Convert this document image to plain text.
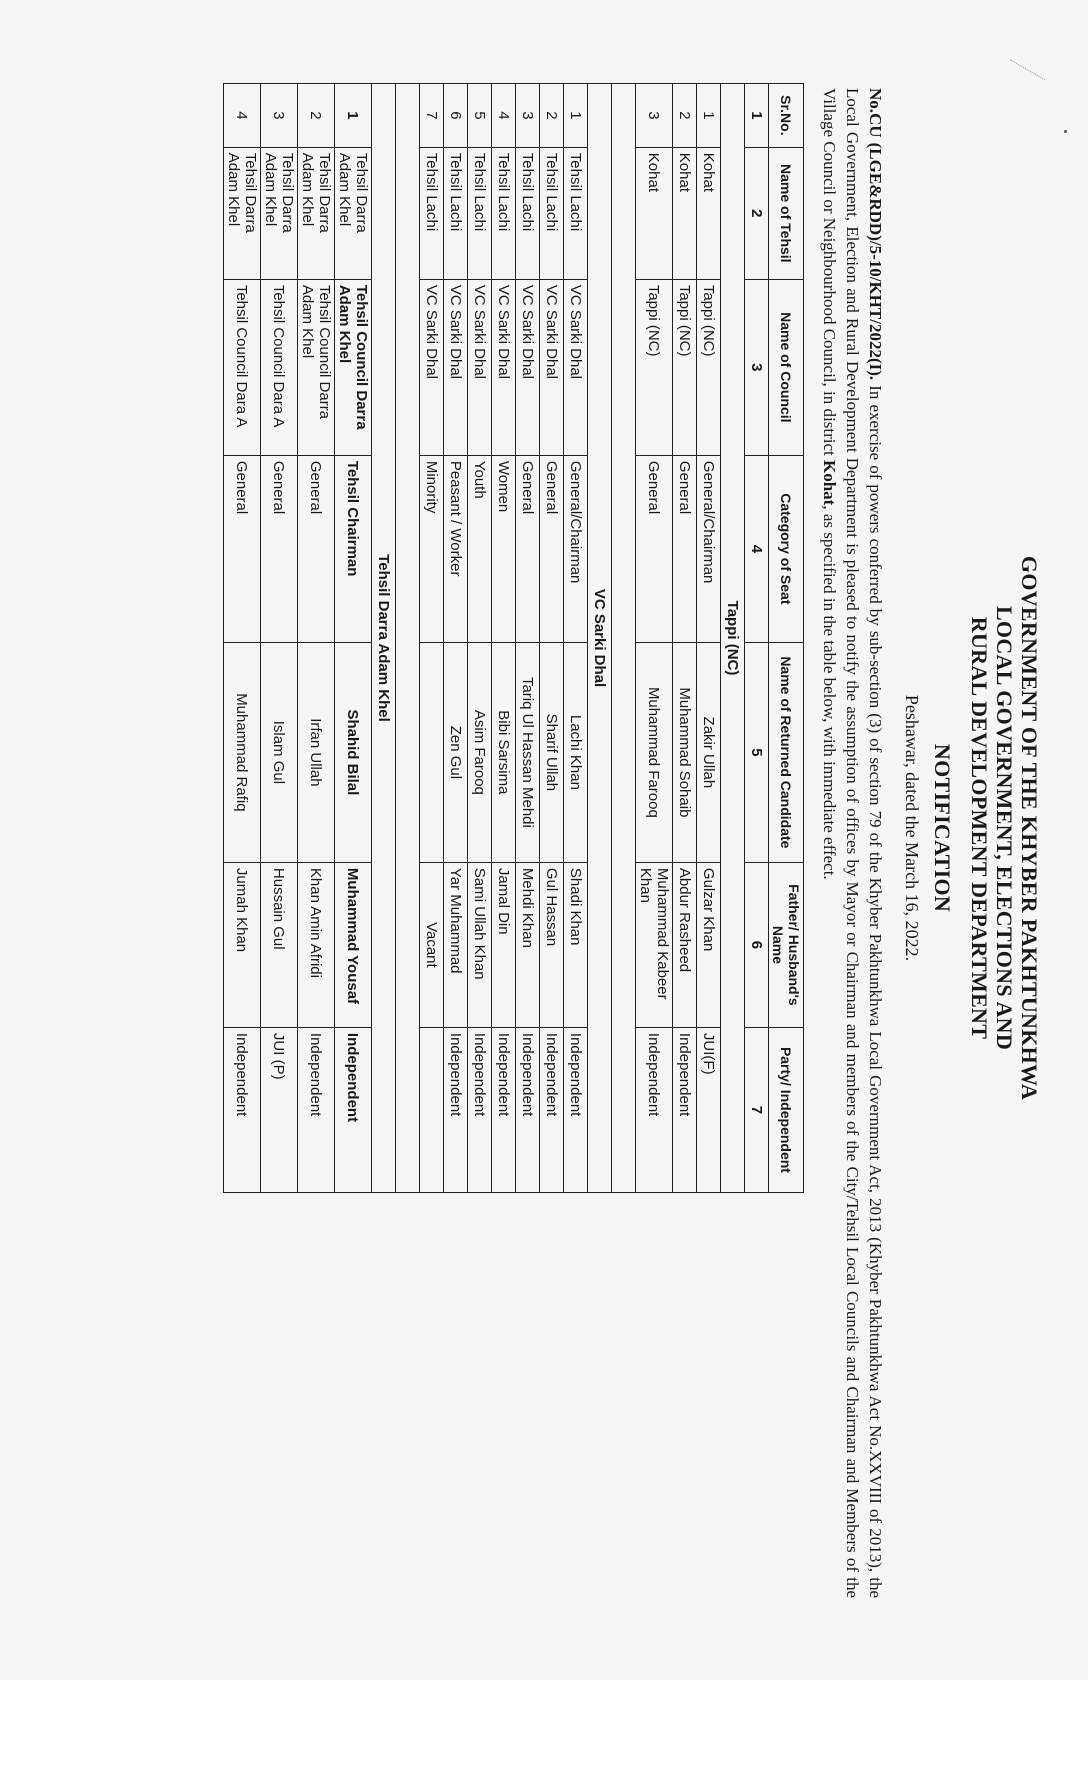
GOVERNMENT OF THE KHYBER PAKHTUNKHWA
LOCAL GOVERNMENT, ELECTIONS AND
RURAL DEVELOPMENT DEPARTMENT
NOTIFICATION
Peshawar, dated the March 16, 2022.
No.CU (LGE&RDD)/5-10/KHT/2022(I). In exercise of powers conferred by sub-section (3) of section 79 of the Khyber Pakhtunkhwa Local Government Act, 2013 (Khyber Pakhtunkhwa Act No.XXVIII of 2013), the Local Government, Election and Rural Development Department is pleased to notify the assumption of offices by Mayor or Chairman and members of the City/Tehsil Local Councils and Chairman and Members of the Village Council or Neighbourhood Council, in district Kohat, as specified in the table below, with immediate effect.
Sr.No.	Name of Tehsil	Name of Council	Category of Seat	Name of Returned Candidate	Father/ Husband's Name	Party/ Independent
1	2	3	4	5	6	7
Tappi (NC)						
1	Kohat	Tappi (NC)	General/Chairman	Zakir Ullah	Gulzar Khan	JUI(F)
2	Kohat	Tappi (NC)	General	Muhammad Sohaib	Abdur Rasheed	Independent
3	Kohat	Tappi (NC)	General	Muhammad Farooq	Muhammad Kabeer Khan	Independent

VC Sarki Dhal						
1	Tehsil Lachi	VC Sarki Dhal	General/Chairman	Lachi Khan	Shadi Khan	Independent
2	Tehsil Lachi	VC Sarki Dhal	General	Sharif Ullah	Gul Hassan	Independent
3	Tehsil Lachi	VC Sarki Dhal	General	Tariq Ul Hassan Mehdi	Mehdi Khan	Independent
4	Tehsil Lachi	VC Sarki Dhal	Women	Bibi Sarsima	Jamal Din	Independent
5	Tehsil Lachi	VC Sarki Dhal	Youth	Asim Farooq	Sami Ullah Khan	Independent
6	Tehsil Lachi	VC Sarki Dhal	Peasant / Worker	Zen Gul	Yar Muhammad	Independent
7	Tehsil Lachi	VC Sarki Dhal	Minority		Vacant	

Tehsil Darra Adam Khel						
1	Tehsil Darra Adam Khel	Tehsil Council Darra Adam Khel	Tehsil Chairman	Shahid Bilal	Muhammad Yousaf	Independent
2	Tehsil Darra Adam Khel	Tehsil Council Darra Adam Khel	General	Irfan Ullah	Khan Amin Afridi	Independent
3	Tehsil Darra Adam Khel	Tehsil Council Dara A	General	Islam Gul	Hussain Gul	JUI (P)
4	Tehsil Darra Adam Khel	Tehsil Council Dara A	General	Muhammad Rafiq	Jumah Khan	Independent
